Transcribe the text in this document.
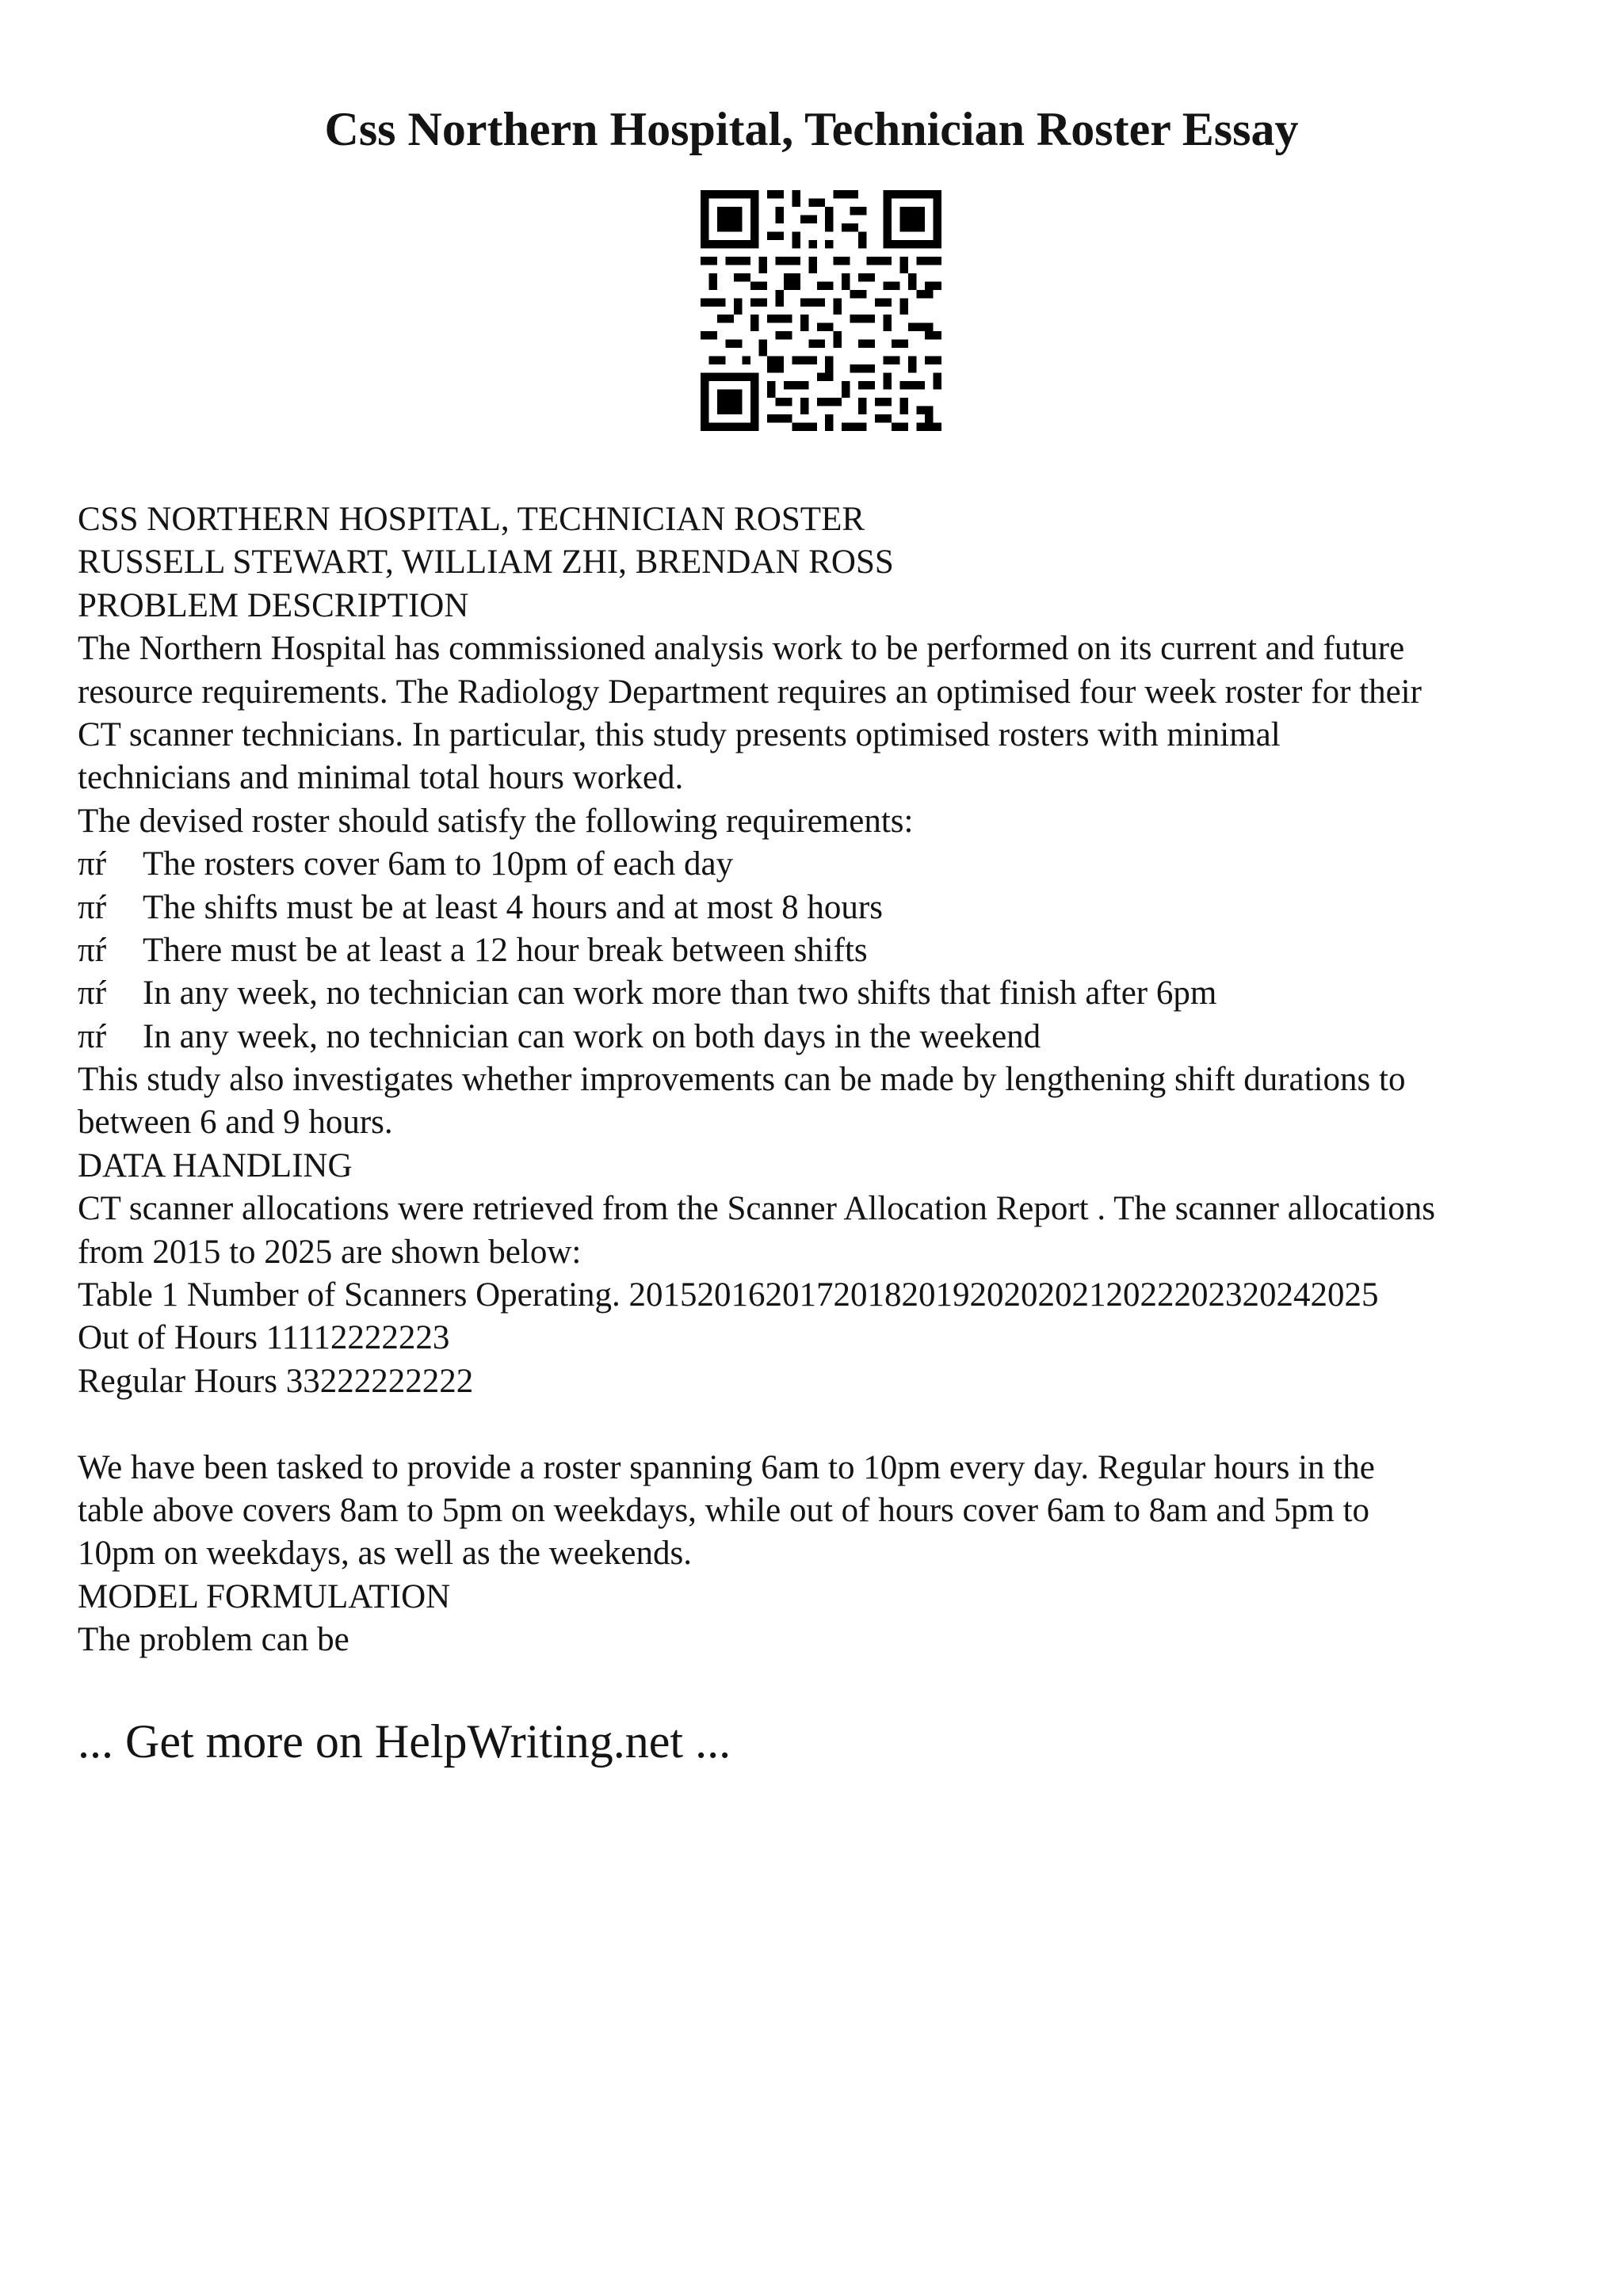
Css Northern Hospital, Technician Roster Essay
CSS NORTHERN HOSPITAL, TECHNICIAN ROSTER
RUSSELL STEWART, WILLIAM ZHI, BRENDAN ROSS
PROBLEM DESCRIPTION
The Northern Hospital has commissioned analysis work to be performed on its current and future
resource requirements. The Radiology Department requires an optimised four week roster for their
CT scanner technicians. In particular, this study presents optimised rosters with minimal
technicians and minimal total hours worked.
The devised roster should satisfy the following requirements:
πŕ The rosters cover 6am to 10pm of each day
πŕ The shifts must be at least 4 hours and at most 8 hours
πŕ There must be at least a 12 hour break between shifts
πŕ In any week, no technician can work more than two shifts that finish after 6pm
πŕ In any week, no technician can work on both days in the weekend
This study also investigates whether improvements can be made by lengthening shift durations to
between 6 and 9 hours.
DATA HANDLING
CT scanner allocations were retrieved from the Scanner Allocation Report . The scanner allocations
from 2015 to 2025 are shown below:
Table 1 Number of Scanners Operating. 20152016201720182019202020212022202320242025
Out of Hours 11112222223
Regular Hours 33222222222
We have been tasked to provide a roster spanning 6am to 10pm every day. Regular hours in the
table above covers 8am to 5pm on weekdays, while out of hours cover 6am to 8am and 5pm to
10pm on weekdays, as well as the weekends.
MODEL FORMULATION
The problem can be
... Get more on HelpWriting.net ...
